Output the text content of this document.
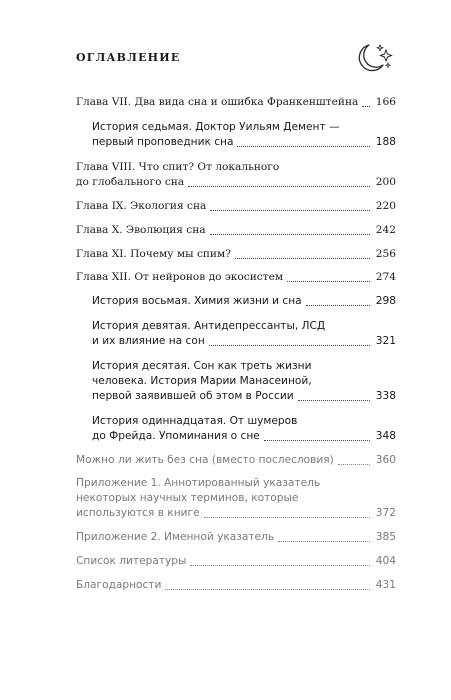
ОГЛАВЛЕНИЕ
Глава VII. Два вида сна и ошибка Франкенштейна 166
История седьмая. Доктор Уильям Демент —
первый проповедник сна	188
Глава VIII. Что спит? От локального
до глобального сна	200
Глава IX. Экология сна	220
Глава X. Эволюция сна	242
Глава XI. Почему мы спим?	256
Глава XII. От нейронов до экосистем	274
История восьмая. Химия жизни и сна	298
История девятая. Антидепрессанты, ЛСД
и их влияние на сон	321
История десятая. Сон как треть жизни
человека. История Марии Манасеиной,
первой заявившей об этом в России	338
История одиннадцатая. От шумеров
до Фрейда. Упоминания о сне	348
Можно ли жить без сна (вместо послесловия)	360
Приложение 1. Аннотированный указатель
некоторых научных терминов, которые
используются в книге	372
Приложение 2. Именной указатель	385
Список литературы	404
Благодарности	431
